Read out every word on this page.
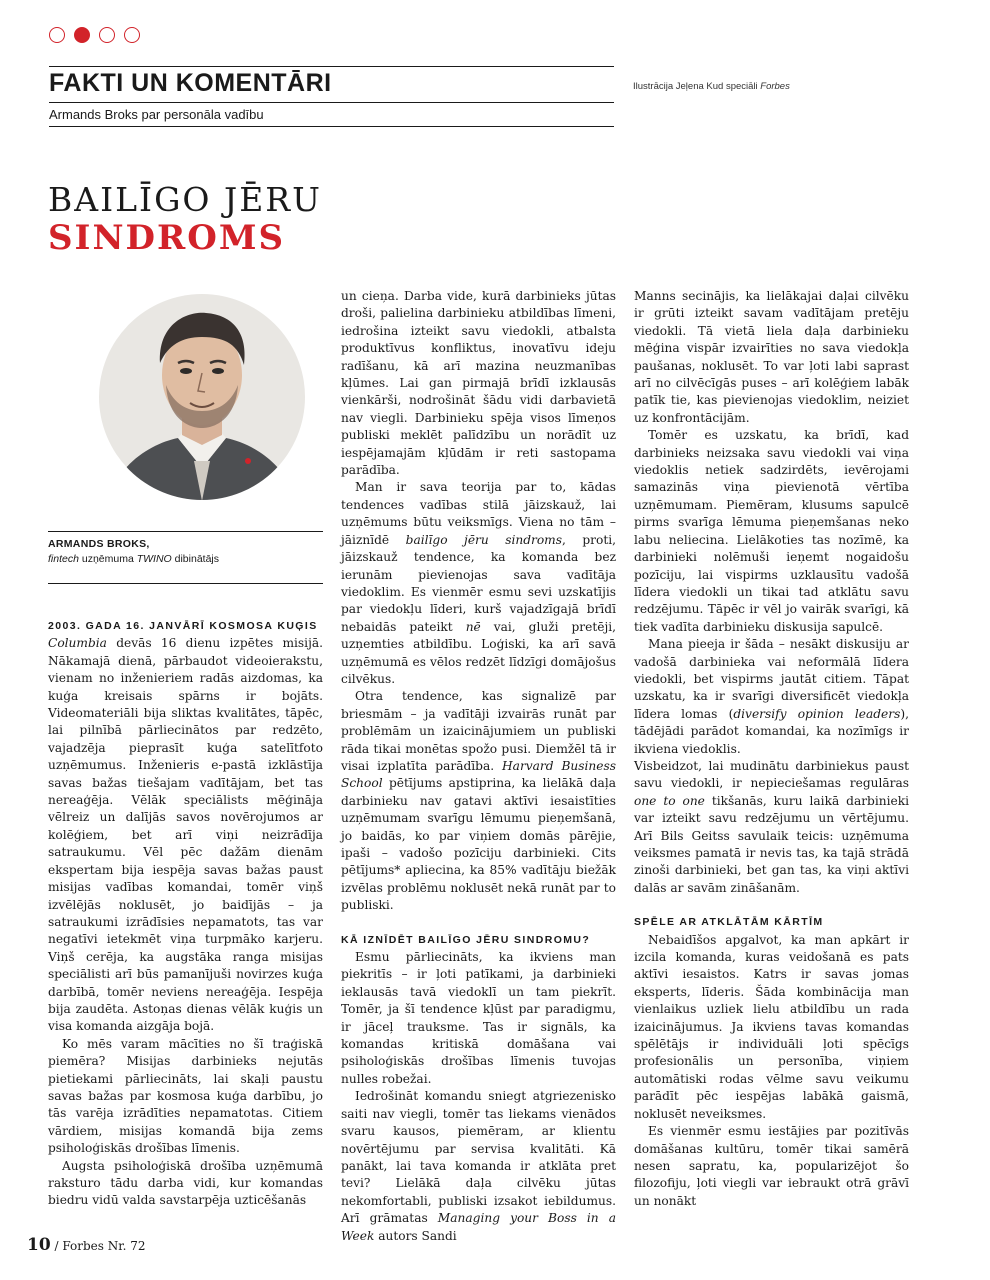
FAKTI UN KOMENTĀRI
Armands Broks par personāla vadību
Ilustrācija Jeļena Kud speciāli Forbes
BAILĪGO JĒRU
SINDROMS
ARMANDS BROKS,
fintech uzņēmuma TWINO dibinātājs
2003. GADA 16. JANVĀRĪ KOSMOSA KUĢIS

Columbia devās 16 dienu izpētes misijā. Nākamajā dienā, pārbaudot videoierakstu, vienam no inženieriem radās aizdomas, ka kuģa kreisais spārns ir bojāts. Videomateriāli bija sliktas kvalitātes, tāpēc, lai pilnībā pārliecinātos par redzēto, vajadzēja pieprasīt kuģa satelītfoto uzņēmumus. Inženieris e-pastā izklāstīja savas bažas tiešajam vadītājam, bet tas nereaģēja. Vēlāk speciālists mēģināja vēlreiz un dalījās savos novērojumos ar kolēģiem, bet arī viņi neizrādīja satraukumu. Vēl pēc dažām dienām ekspertam bija iespēja savas bažas paust misijas vadības komandai, tomēr viņš izvēlējās noklusēt, jo baidījās – ja satraukumi izrādīsies nepamatots, tas var negatīvi ietekmēt viņa turpmāko karjeru. Viņš cerēja, ka augstāka ranga misijas speciālisti arī būs pamanījuši novirzes kuģa darbībā, tomēr neviens nereaģēja. Iespēja bija zaudēta. Astoņas dienas vēlāk kuģis un visa komanda aizgāja bojā.

Ko mēs varam mācīties no šī traģiskā piemēra? Misijas darbinieks nejutās pietiekami pārliecināts, lai skaļi paustu savas bažas par kosmosa kuģa darbību, jo tās varēja izrādīties nepamatotas. Citiem vārdiem, misijas komandā bija zems psiholoģiskās drošības līmenis.

Augsta psiholoģiskā drošība uzņēmumā raksturo tādu darba vidi, kur komandas biedru vidū valda savstarpēja uzticēšanās

un cieņa. Darba vide, kurā darbinieks jūtas droši, palielina darbinieku atbildības līmeni, iedrošina izteikt savu viedokli, atbalsta produktīvus konfliktus, inovatīvu ideju radīšanu, kā arī mazina neuzmanības kļūmes. Lai gan pirmajā brīdī izklausās vienkārši, nodrošināt šādu vidi darbavietā nav viegli. Darbinieku spēja visos līmeņos publiski meklēt palīdzību un norādīt uz iespējamajām kļūdām ir reti sastopama parādība.

Man ir sava teorija par to, kādas tendences vadības stilā jāizskauž, lai uzņēmums būtu veiksmīgs. Viena no tām – jāiznīdē bailīgo jēru sindroms, proti, jāizskauž tendence, ka komanda bez ierunām pievienojas sava vadītāja viedoklim. Es vienmēr esmu sevi uzskatījis par viedokļu līderi, kurš vajadzīgajā brīdī nebaidās pateikt nē vai, gluži pretēji, uzņemties atbildību. Loģiski, ka arī savā uzņēmumā es vēlos redzēt līdzīgi domājošus cilvēkus.

Otra tendence, kas signalizē par briesmām – ja vadītāji izvairās runāt par problēmām un izaicinājumiem un publiski rāda tikai monētas spožo pusi. Diemžēl tā ir visai izplatīta parādība. Harvard Business School pētījums apstiprina, ka lielākā daļa darbinieku nav gatavi aktīvi iesaistīties uzņēmumam svarīgu lēmumu pieņemšanā, jo baidās, ko par viņiem domās pārējie, ipaši – vadošo pozīciju darbinieki. Cits pētījums* apliecina, ka 85% vadītāju biežāk izvēlas problēmu noklusēt nekā runāt par to publiski.

KĀ IZNĪDĒT BAILĪGO JĒRU SINDROMU?

Esmu pārliecināts, ka ikviens man piekritīs – ir ļoti patīkami, ja darbinieki ieklausās tavā viedoklī un tam piekrīt. Tomēr, ja šī tendence kļūst par paradigmu, ir jāceļ trauksme. Tas ir signāls, ka komandas kritiskā domāšana vai psiholoģiskās drošības līmenis tuvojas nulles robežai.

Iedrošināt komandu sniegt atgriezenisko saiti nav viegli, tomēr tas liekams vienādos svaru kausos, piemēram, ar klientu novērtējumu par servisa kvalitāti. Kā panākt, lai tava komanda ir atklāta pret tevi? Lielākā daļa cilvēku jūtas nekomfortabli, publiski izsakot iebildumus. Arī grāmatas Managing your Boss in a Week autors Sandi

Manns secinājis, ka lielākajai daļai cilvēku ir grūti izteikt savam vadītājam pretēju viedokli. Tā vietā liela daļa darbinieku mēģina vispār izvairīties no sava viedokļa paušanas, noklusēt. To var ļoti labi saprast arī no cilvēcīgās puses – arī kolēģiem labāk patīk tie, kas pievienojas viedoklim, neiziet uz konfrontācijām.

Tomēr es uzskatu, ka brīdī, kad darbinieks neizsaka savu viedokli vai viņa viedoklis netiek sadzirdēts, ievērojami samazinās viņa pievienotā vērtība uzņēmumam. Piemēram, klusums sapulcē pirms svarīga lēmuma pieņemšanas neko labu neliecina. Lielākoties tas nozīmē, ka darbinieki nolēmuši ieņemt nogaidošu pozīciju, lai vispirms uzklausītu vadošā līdera viedokli un tikai tad atklātu savu redzējumu. Tāpēc ir vēl jo vairāk svarīgi, kā tiek vadīta darbinieku diskusija sapulcē.

Mana pieeja ir šāda – nesākt diskusiju ar vadošā darbinieka vai neformālā līdera viedokli, bet vispirms jautāt citiem. Tāpat uzskatu, ka ir svarīgi diversificēt viedokļa līdera lomas (diversify opinion leaders), tādējādi parādot komandai, ka nozīmīgs ir ikviena viedoklis.

Visbeidzot, lai mudinātu darbiniekus paust savu viedokli, ir nepieciešamas regulāras one to one tikšanās, kuru laikā darbinieki var izteikt savu redzējumu un vērtējumu. Arī Bils Geitss savulaik teicis: uzņēmuma veiksmes pamatā ir nevis tas, ka tajā strādā zinoši darbinieki, bet gan tas, ka viņi aktīvi dalās ar savām zināšanām.

SPĒLE AR ATKLĀTĀM KĀRTĪM

Nebaidīšos apgalvot, ka man apkārt ir izcila komanda, kuras veidošanā es pats aktīvi iesaistos. Katrs ir savas jomas eksperts, līderis. Šāda kombinācija man vienlaikus uzliek lielu atbildību un rada izaicinājumus. Ja ikviens tavas komandas spēlētājs ir individuāli ļoti spēcīgs profesionālis un personība, viņiem automātiski rodas vēlme savu veikumu parādīt pēc iespējas labākā gaismā, noklusēt neveiksmes.

Es vienmēr esmu iestājies par pozitīvās domāšanas kultūru, tomēr tikai samērā nesen sapratu, ka, popularizējot šo filozofiju, ļoti viegli var iebraukt otrā grāvī un nonākt

10 / Forbes Nr. 72
